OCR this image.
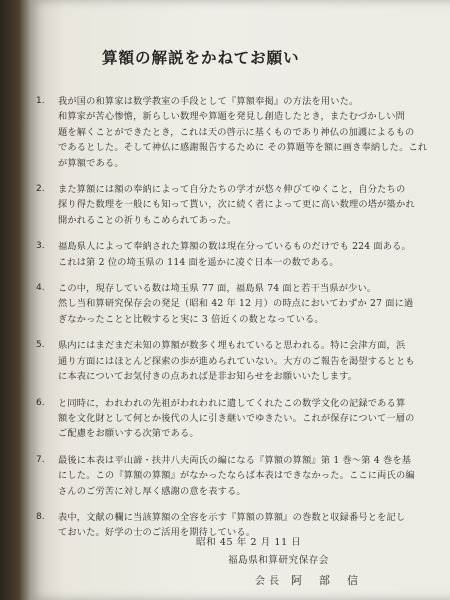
算額の解説をかねてお願い
1.	我が国の和算家は数学教室の手段として『算額奉掲』の方法を用いた。
和算家が苦心惨憺，新らしい数理や算題を発見し創造したとき，またむづかしい問
題を解くことができたとき，これは天の啓示に基くものであり神仏の加護によるもの
であるとした。そして神仏に感謝報告するために その算題等を額に画き奉納した。これ
が算額である。
2.	また算額には額の奉納によって自分たちの学才が悠々伸びてゆくこと，自分たちの
探り得た数理を一般にも知って貰い，次に続く者によって更に高い数理の塔が築かれ
開かれることの祈りもこめられてあった。
3.	福島県人によって奉納された算額の数は現在分っているものだけでも 224 面ある。
これは第 2 位の埼玉県の 114 面を遥かに凌ぐ日本一の数である。
4.	この中，現存している数は埼玉県 77 面，福島県 74 面と若干当県が少い。
然し当和算研究保存会の発足（昭和 42 年 12 月）の時点においてわずか 27 面に過
ぎなかったことと比較すると実に 3 倍近くの数となっている。
5.	県内にはまだまだ未知の算額が数多く埋もれていると思われる。特に会津方面，浜
通り方面にはほとんど探索の歩が進められていない。大方のご報告を渇望するととも
に本表についてお気付きの点あれば是非お知らせをお願いいたします。
6.	と同時に，われわれの先祖がわれわれに遺してくれたこの数学文化の記録である算
額を文化財として何とか後代の人に引き継いでゆきたい。これが保存について一層の
ご配慮をお願いする次第である。
7.	最後に本表は平山諦・扶井八夫両氏の編になる『算額の算額』第 1 巻～第 4 巻を基
にした。この『算額の算額』がなかったならば本表はできなかった。ここに両氏の編
さんのご労苦に対し厚く感謝の意を表する。
8.	表中，文献の欄に当該算額の全容を示す『算額の算額』の巻数と収録番号とを記し
ておいた。好学の士のご活用を期待している。
昭和 45 年 2 月 11 日
福島県和算研究保存会
会長 阿部信
